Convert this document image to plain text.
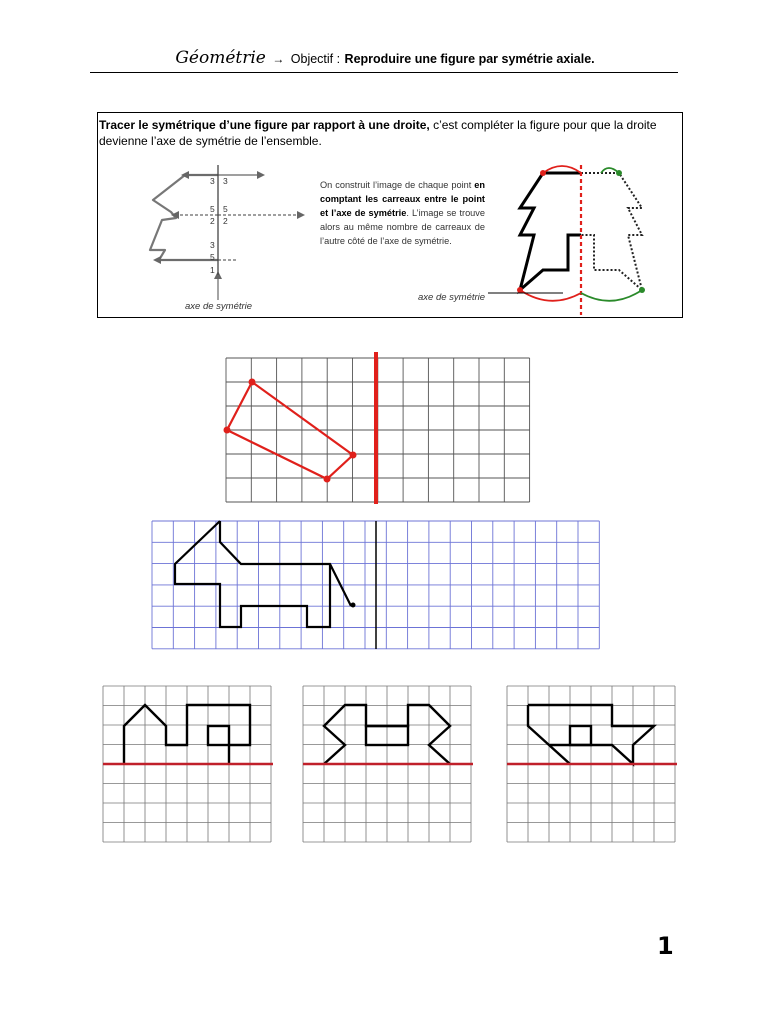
Géométrie → Objectif : Reproduire une figure par symétrie axiale.
Tracer le symétrique d’une figure par rapport à une droite, c’est compléter la figure pour que la droite devienne l’axe de symétrie de l’ensemble.
3 3
5 5
2 2
3
5
1
axe de symétrie
On construit l’image de chaque point en comptant les carreaux entre le point et l’axe de symétrie. L’image se trouve alors au même nombre de carreaux de l’autre côté de l’axe de symétrie.
axe de symétrie
1
